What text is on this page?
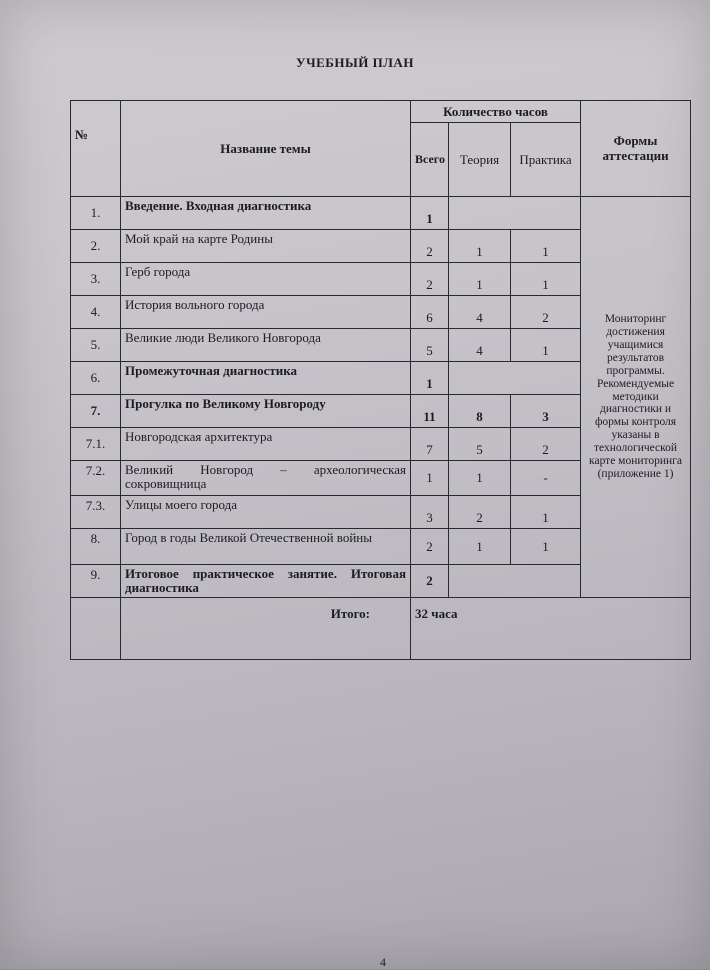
УЧЕБНЫЙ ПЛАН
№	Название темы	Количество часов			Формы аттестации
		Всего	Теория	Практика	
1.	Введение. Входная диагностика	1			Мониторинг достижения учащимися результатов программы. Рекомендуемые методики диагностики и формы контроля указаны в технологической карте мониторинга (приложение 1)
2.	Мой край на карте Родины	2	1	1	
3.	Герб города	2	1	1	
4.	История вольного города	6	4	2	
5.	Великие люди Великого Новгорода	5	4	1	
6.	Промежуточная диагностика	1			
7.	Прогулка по Великому Новгороду	11	8	3	
7.1.	Новгородская архитектура	7	5	2	
7.2.	Великий Новгород – археологическая сокровищница	1	1	-	
7.3.	Улицы моего города	3	2	1	
8.	Город в годы Великой Отечественной войны	2	1	1	
9.	Итоговое практическое занятие. Итоговая диагностика	2			
	Итого:	32 часа			
4
